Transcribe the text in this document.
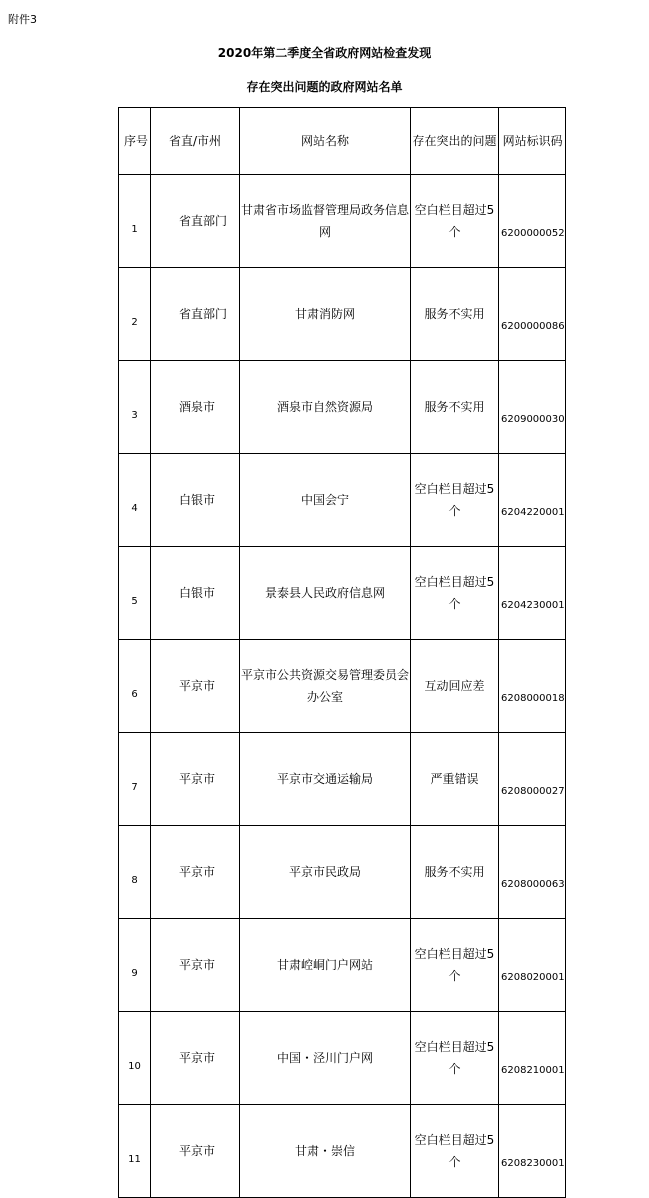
附件3
2020年第二季度全省政府网站检查发现
存在突出问题的政府网站名单
序号	省直/市州	网站名称	存在突出的问题	网站标识码
1	省直部门	甘肃省市场监督管理局政务信息网	空白栏目超过5个	6200000052
2	省直部门	甘肃消防网	服务不实用	6200000086
3	酒泉市	酒泉市自然资源局	服务不实用	6209000030
4	白银市	中国会宁	空白栏目超过5个	6204220001
5	白银市	景泰县人民政府信息网	空白栏目超过5个	6204230001
6	平京市	平京市公共资源交易管理委员会办公室	互动回应差	6208000018
7	平京市	平京市交通运输局	严重错误	6208000027
8	平京市	平京市民政局	服务不实用	6208000063
9	平京市	甘肃崆峒门户网站	空白栏目超过5个	6208020001
10	平京市	中国・泾川门户网	空白栏目超过5个	6208210001
11	平京市	甘肃・崇信	空白栏目超过5个	6208230001
